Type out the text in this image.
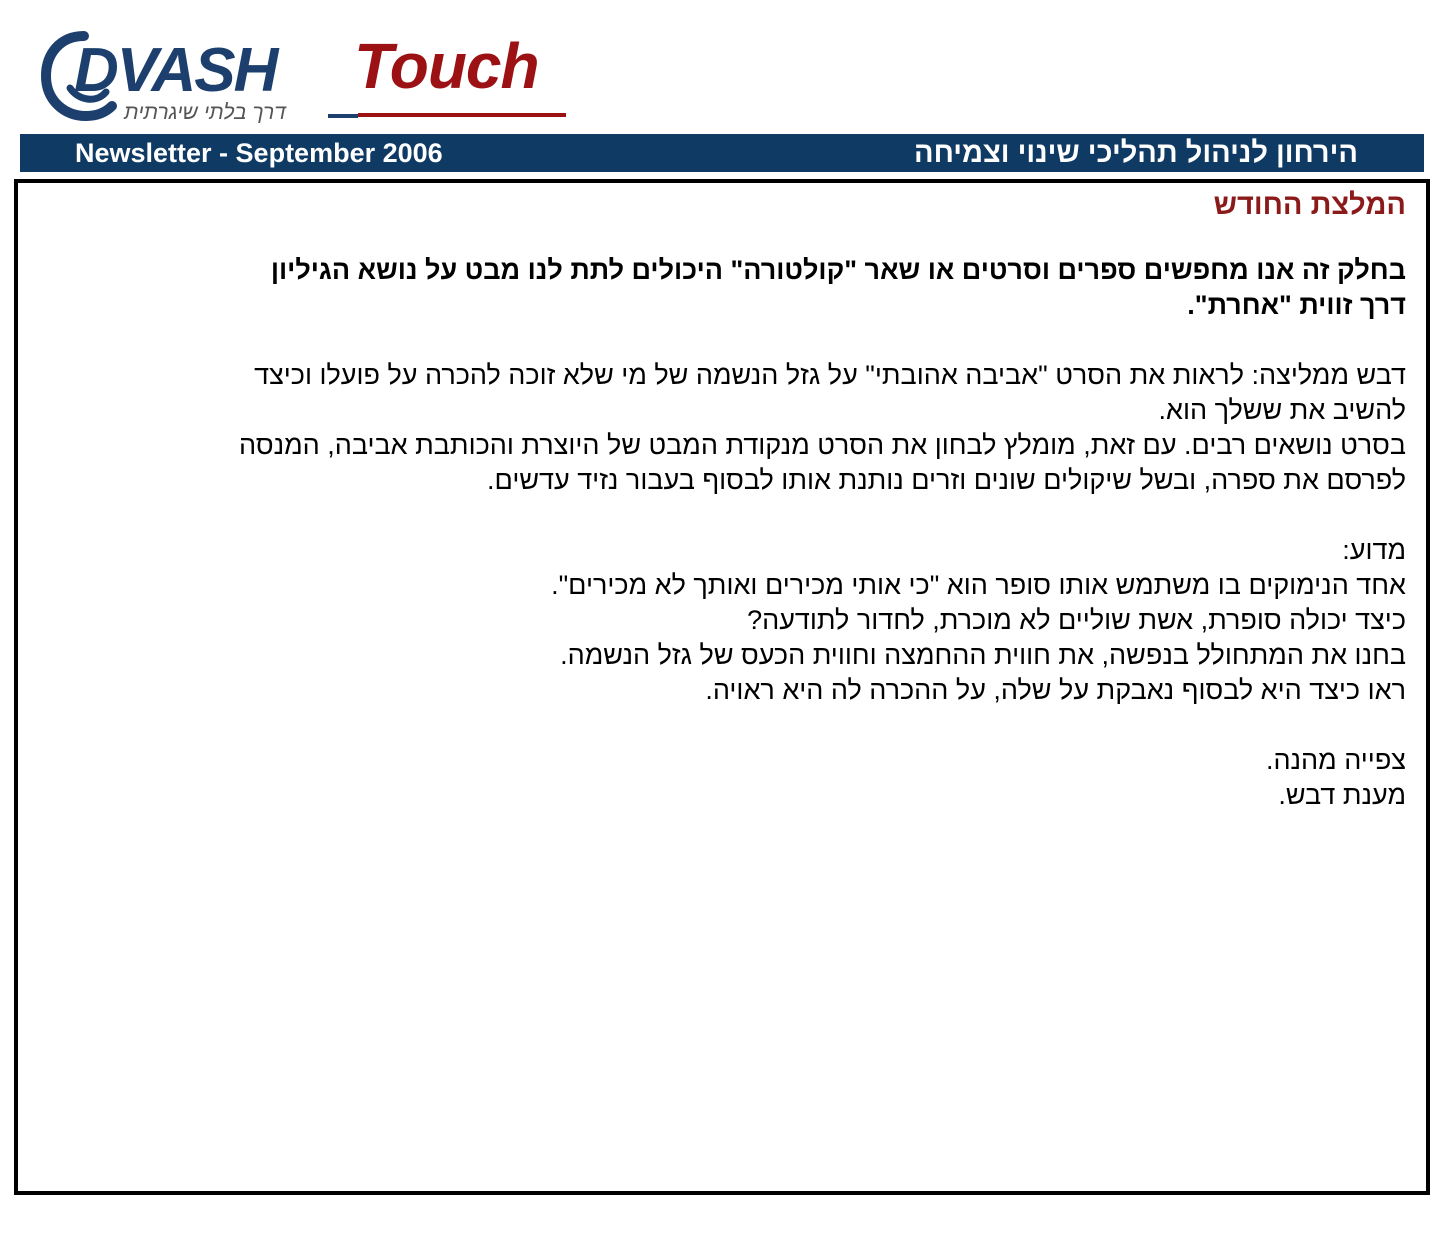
DVASH Touch
דרך בלתי שיגרתית
Newsletter - September 2006	הירחון לניהול תהליכי שינוי וצמיחה

המלצת החודש

בחלק זה אנו מחפשים ספרים וסרטים או שאר "קולטורה" היכולים לתת לנו מבט על נושא הגיליון

דרך זווית "אחרת".

דבש ממליצה: לראות את הסרט "אביבה אהובתי" על גזל הנשמה של מי שלא זוכה להכרה על פועלו וכיצד

להשיב את ששלך הוא.

בסרט נושאים רבים. עם זאת, מומלץ לבחון את הסרט מנקודת המבט של היוצרת והכותבת אביבה, המנסה

לפרסם את ספרה, ובשל שיקולים שונים וזרים נותנת אותו לבסוף בעבור נזיד עדשים.

מדוע:

אחד הנימוקים בו משתמש אותו סופר הוא "כי אותי מכירים ואותך לא מכירים".

כיצד יכולה סופרת, אשת שוליים לא מוכרת, לחדור לתודעה?

בחנו את המתחולל בנפשה, את חווית ההחמצה וחווית הכעס של גזל הנשמה.

ראו כיצד היא לבסוף נאבקת על שלה, על ההכרה לה היא ראויה.

צפייה מהנה.

מענת דבש.
